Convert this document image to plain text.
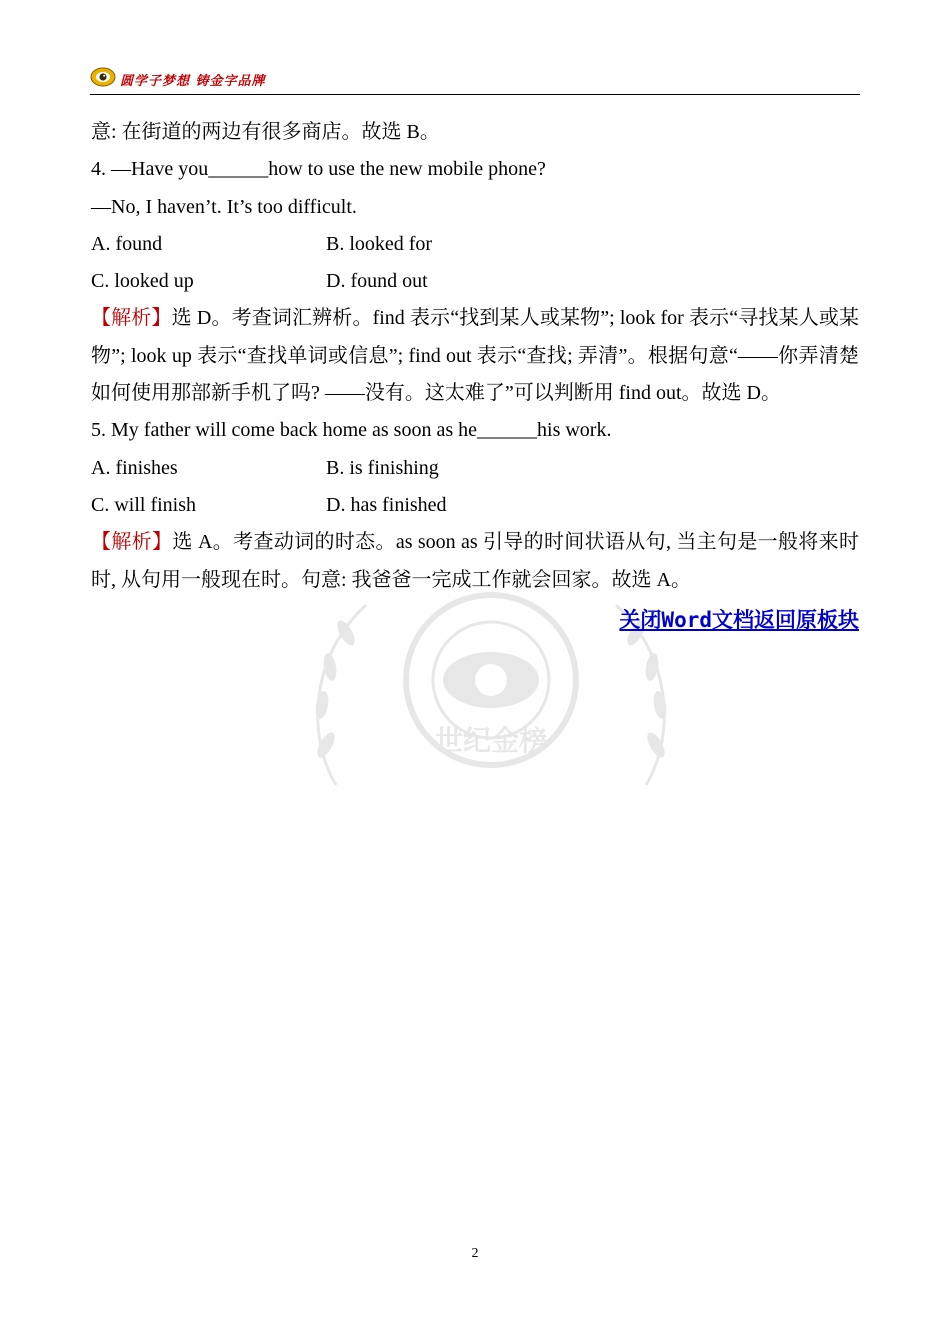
圆学子梦想 铸金字品牌
世纪金榜
意: 在街道的两边有很多商店。故选 B。
4. —Have you______how to use the new mobile phone?
—No, I haven’t. It’s too difficult.
A. found	B. looked for
C. looked up	D. found out
【解析】选 D。考查词汇辨析。find 表示“找到某人或某物”; look for 表示“寻找某人或某物”; look up 表示“查找单词或信息”; find out 表示“查找; 弄清”。根据句意“——你弄清楚如何使用那部新手机了吗? ——没有。这太难了”可以判断用 find out。故选 D。
5. My father will come back home as soon as he______his work.
A. finishes	B. is finishing
C. will finish	D. has finished
【解析】选 A。考查动词的时态。as soon as 引导的时间状语从句, 当主句是一般将来时时, 从句用一般现在时。句意: 我爸爸一完成工作就会回家。故选 A。
关闭Word文档返回原板块
2
